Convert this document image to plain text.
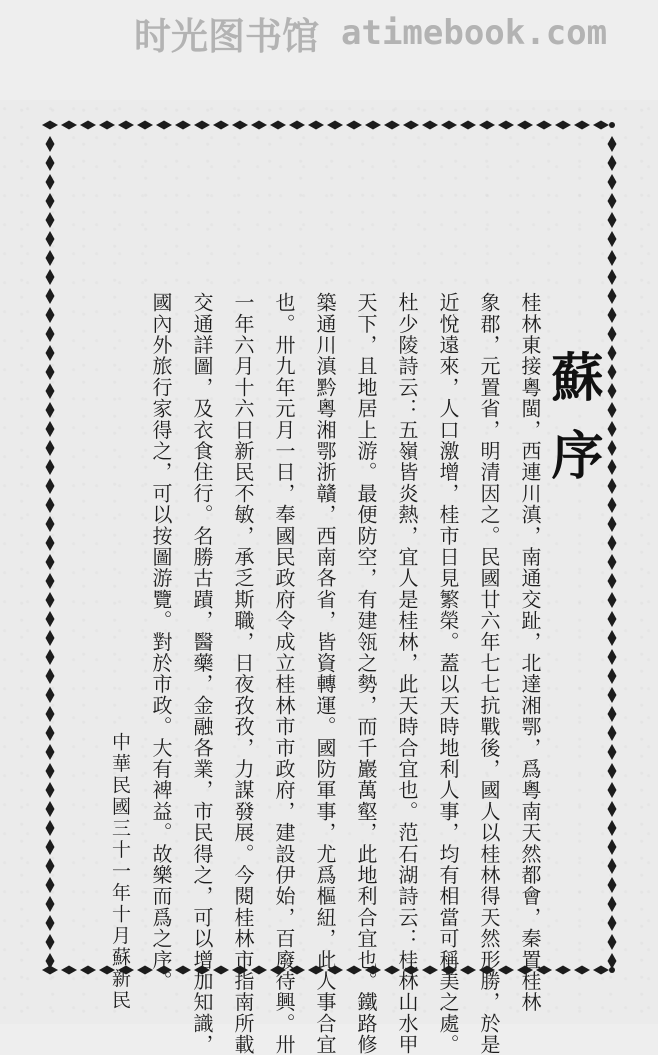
时光图书馆 atimebook.com
蘇序
桂林東接粵閩，西連川滇，南通交趾，北達湘鄂，爲粵南天然都會，秦置桂林
象郡，元置省，明清因之。民國廿六年七七抗戰後，國人以桂林得天然形勝，於是
近悅遠來，人口激增，桂市日見繁榮。蓋以天時地利人事，均有相當可稱美之處。
杜少陵詩云：五嶺皆炎熱，宜人是桂林，此天時合宜也。范石湖詩云：桂林山水甲
天下，且地居上游。最便防空，有建瓴之勢，而千巖萬壑，此地利合宜也。鐵路修
築通川滇黔粵湘鄂浙贛，西南各省，皆資轉運。國防軍事，尤爲樞紐，此人事合宜
也。卅九年元月一日，奉國民政府令成立桂林市市政府，建設伊始，百廢待興。卅
一年六月十六日新民不敏，承乏斯職，日夜孜孜，力謀發展。今閱桂林市指南所載
交通詳圖，及衣食住行。名勝古蹟，醫藥，金融各業，市民得之，可以增加知識，
國內外旅行家得之，可以按圖游覽。對於市政。大有裨益。故樂而爲之序。
中華民國三十一年十月蘇新民
